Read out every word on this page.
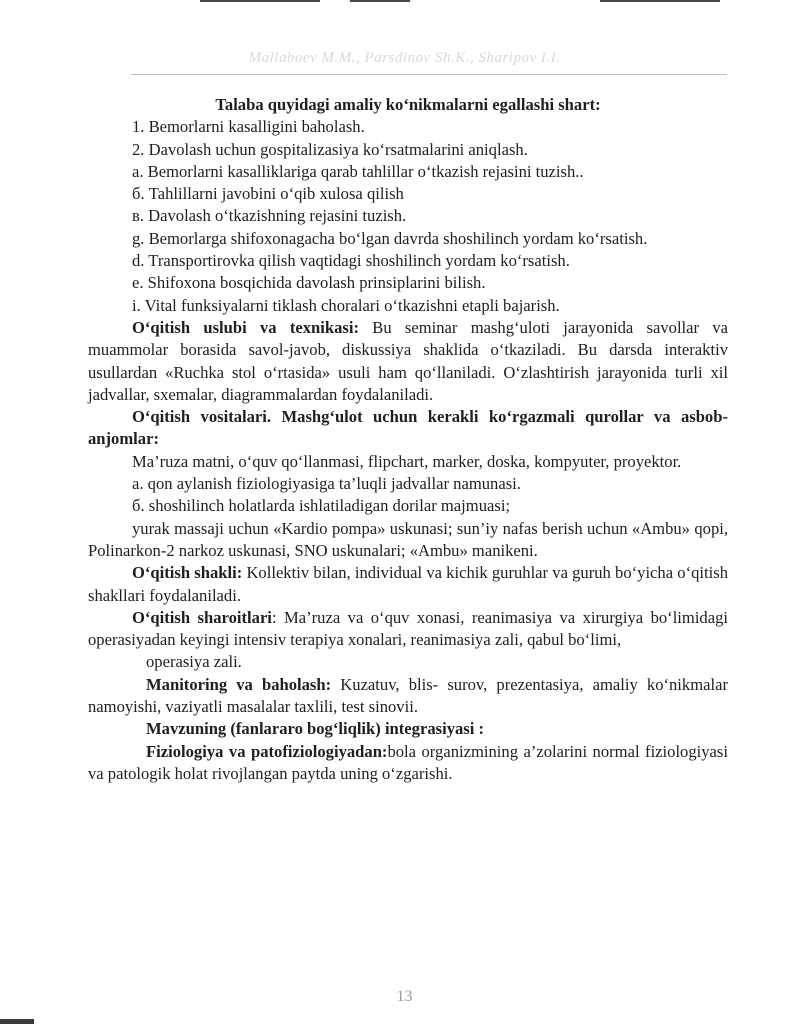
Mallaboev M.M., Parsdinov Sh.K., Sharipov I.I.

Talaba quyidagi amaliy ko‘nikmalarni egallashi shart:

1. Bemorlarni kasalligini baholash.

2. Davolash uchun gospitalizasiya ko‘rsatmalarini aniqlash.

a. Bemorlarni kasalliklariga qarab tahlillar o‘tkazish rejasini tuzish..

б. Tahlillarni javobini o‘qib xulosa qilish

в. Davolash o‘tkazishning rejasini tuzish.

g. Bemorlarga shifoxonagacha bo‘lgan davrda shoshilinch yordam ko‘rsatish.

d. Transportirovka qilish vaqtidagi shoshilinch yordam ko‘rsatish.

e. Shifoxona bosqichida davolash prinsiplarini bilish.

i. Vital funksiyalarni tiklash choralari o‘tkazishni etapli bajarish.

O‘qitish uslubi va texnikasi: Bu seminar mashg‘uloti jarayonida savollar va muammolar borasida savol-javob, diskussiya shaklida o‘tkaziladi. Bu darsda interaktiv usullardan «Ruchka stol o‘rtasida» usuli ham qo‘llaniladi. O‘zlashtirish jarayonida turli xil jadvallar, sxemalar, diagrammalardan foydalaniladi.

O‘qitish vositalari. Mashg‘ulot uchun kerakli ko‘rgazmali qurollar va asbob-anjomlar:

Ma’ruza matni, o‘quv qo‘llanmasi, flipchart, marker, doska, kompyuter, proyektor.

a. qon aylanish fiziologiyasiga ta’luqli jadvallar namunasi.

б. shoshilinch holatlarda ishlatiladigan dorilar majmuasi;

yurak massaji uchun «Kardio pompa» uskunasi; sun’iy nafas berish uchun «Ambu» qopi, Polinarkon-2 narkoz uskunasi, SNO uskunalari; «Ambu» manikeni.

O‘qitish shakli: Kollektiv bilan, individual va kichik guruhlar va guruh bo‘yicha o‘qitish shakllari foydalaniladi.

O‘qitish sharoitlari: Ma’ruza va o‘quv xonasi, reanimasiya va xirurgiya bo‘limidagi operasiyadan keyingi intensiv terapiya xonalari, reanimasiya zali, qabul bo‘limi,

operasiya zali.

Manitoring va baholash: Kuzatuv, blis- surov, prezentasiya, amaliy ko‘nikmalar namoyishi, vaziyatli masalalar taxlili, test sinovii.

Mavzuning (fanlararo bog‘liqlik) integrasiyasi :

Fiziologiya va patofiziologiyadan:bola organizmining a’zolarini normal fiziologiyasi va patologik holat rivojlangan paytda uning o‘zgarishi.

13
